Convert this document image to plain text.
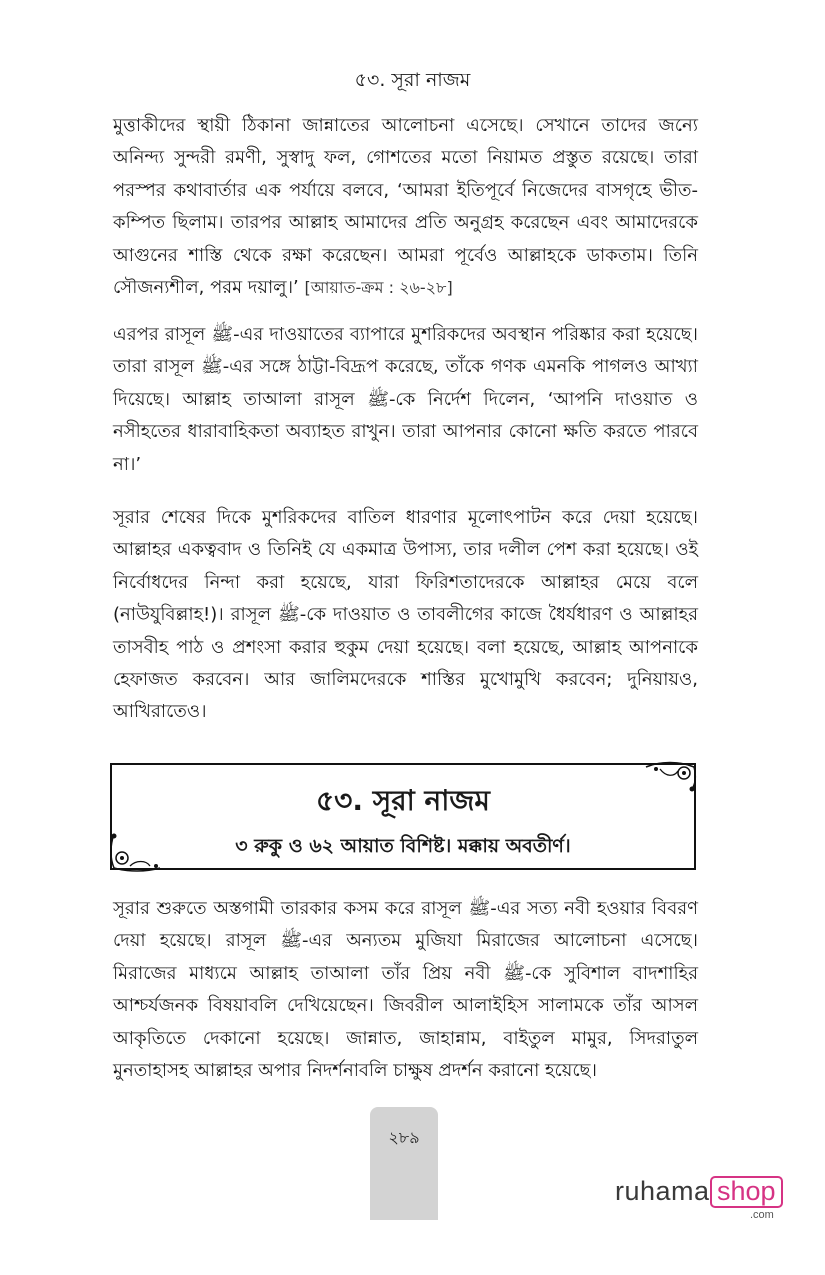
৫৩. সূরা নাজম

মুত্তাকীদের স্থায়ী ঠিকানা জান্নাতের আলোচনা এসেছে। সেখানে তাদের জন্যে অনিন্দ্য সুন্দরী রমণী, সুস্বাদু ফল, গোশতের মতো নিয়ামত প্রস্তুত রয়েছে। তারা পরস্পর কথাবার্তার এক পর্যায়ে বলবে, ‘আমরা ইতিপূর্বে নিজেদের বাসগৃহে ভীত-কম্পিত ছিলাম। তারপর আল্লাহ আমাদের প্রতি অনুগ্রহ করেছেন এবং আমাদেরকে আগুনের শাস্তি থেকে রক্ষা করেছেন। আমরা পূর্বেও আল্লাহকে ডাকতাম। তিনি সৌজন্যশীল, পরম দয়ালু।’ [আয়াত-ক্রম : ২৬-২৮]

এরপর রাসূল ﷺ-এর দাওয়াতের ব্যাপারে মুশরিকদের অবস্থান পরিষ্কার করা হয়েছে। তারা রাসূল ﷺ-এর সঙ্গে ঠাট্টা-বিদ্রূপ করেছে, তাঁকে গণক এমনকি পাগলও আখ্যা দিয়েছে। আল্লাহ তাআলা রাসূল ﷺ-কে নির্দেশ দিলেন, ‘আপনি দাওয়াত ও নসীহতের ধারাবাহিকতা অব্যাহত রাখুন। তারা আপনার কোনো ক্ষতি করতে পারবে না।’

সূরার শেষের দিকে মুশরিকদের বাতিল ধারণার মূলোৎপাটন করে দেয়া হয়েছে। আল্লাহর একত্ববাদ ও তিনিই যে একমাত্র উপাস্য, তার দলীল পেশ করা হয়েছে। ওই নির্বোধদের নিন্দা করা হয়েছে, যারা ফিরিশতাদেরকে আল্লাহর মেয়ে বলে (নাউযুবিল্লাহ!)। রাসূল ﷺ-কে দাওয়াত ও তাবলীগের কাজে ধৈর্যধারণ ও আল্লাহর তাসবীহ পাঠ ও প্রশংসা করার হুকুম দেয়া হয়েছে। বলা হয়েছে, আল্লাহ আপনাকে হেফাজত করবেন। আর জালিমদেরকে শাস্তির মুখোমুখি করবেন; দুনিয়ায়ও, আখিরাতেও।

৫৩. সূরা নাজম
৩ রুকু ও ৬২ আয়াত বিশিষ্ট। মক্কায় অবতীর্ণ।

সূরার শুরুতে অস্তগামী তারকার কসম করে রাসূল ﷺ-এর সত্য নবী হওয়ার বিবরণ দেয়া হয়েছে। রাসূল ﷺ-এর অন্যতম মুজিযা মিরাজের আলোচনা এসেছে। মিরাজের মাধ্যমে আল্লাহ তাআলা তাঁর প্রিয় নবী ﷺ-কে সুবিশাল বাদশাহির আশ্চর্যজনক বিষয়াবলি দেখিয়েছেন। জিবরীল আলাইহিস সালামকে তাঁর আসল আকৃতিতে দেকানো হয়েছে। জান্নাত, জাহান্নাম, বাইতুল মামুর, সিদরাতুল মুনতাহাসহ আল্লাহর অপার নিদর্শনাবলি চাক্ষুষ প্রদর্শন করানো হয়েছে।

২৮৯
ruhama shop
.com
